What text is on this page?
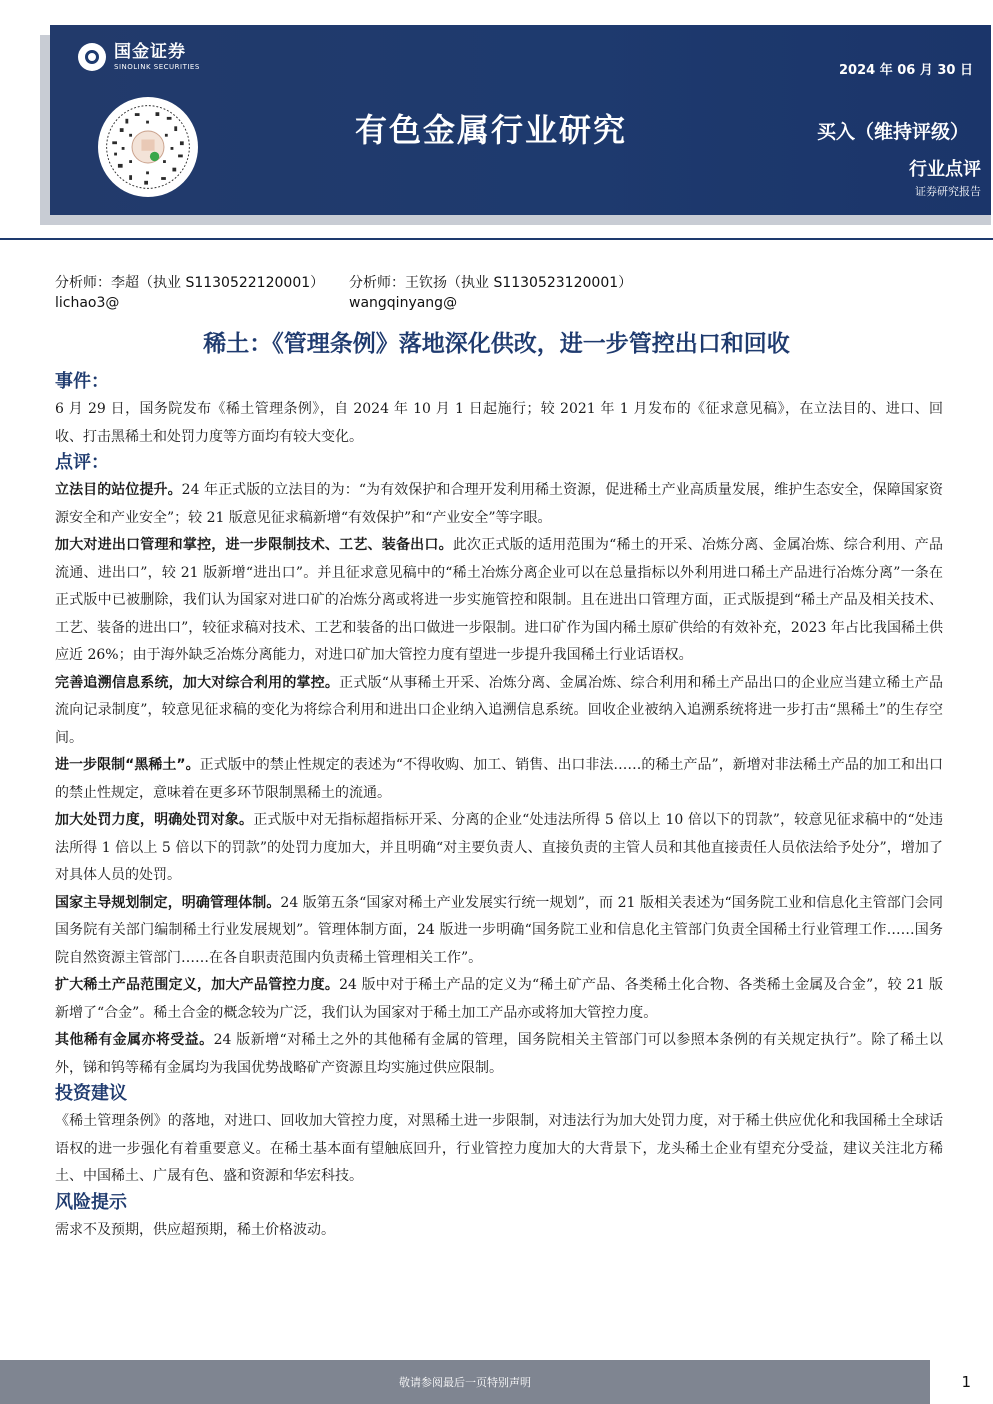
国金证券
SINOLINK SECURITIES	2024 年 06 月 30 日
有色金属行业研究	买入（维持评级）
行业点评
证券研究报告
分析师：李超（执业 S1130522120001）
lichao3@
分析师：王钦扬（执业 S1130523120001）
wangqinyang@
稀土：《管理条例》落地深化供改，进一步管控出口和回收
事件：

6 月 29 日，国务院发布《稀土管理条例》，自 2024 年 10 月 1 日起施行；较 2021 年 1 月发布的《征求意见稿》，在立法目的、进口、回收、打击黑稀土和处罚力度等方面均有较大变化。

点评：

立法目的站位提升。24 年正式版的立法目的为：“为有效保护和合理开发利用稀土资源，促进稀土产业高质量发展，维护生态安全，保障国家资源安全和产业安全”；较 21 版意见征求稿新增“有效保护”和“产业安全”等字眼。

加大对进出口管理和掌控，进一步限制技术、工艺、装备出口。此次正式版的适用范围为“稀土的开采、冶炼分离、金属冶炼、综合利用、产品流通、进出口”，较 21 版新增“进出口”。并且征求意见稿中的“稀土冶炼分离企业可以在总量指标以外利用进口稀土产品进行冶炼分离”一条在正式版中已被删除，我们认为国家对进口矿的冶炼分离或将进一步实施管控和限制。且在进出口管理方面，正式版提到“稀土产品及相关技术、工艺、装备的进出口”，较征求稿对技术、工艺和装备的出口做进一步限制。进口矿作为国内稀土原矿供给的有效补充，2023 年占比我国稀土供应近 26%；由于海外缺乏冶炼分离能力，对进口矿加大管控力度有望进一步提升我国稀土行业话语权。

完善追溯信息系统，加大对综合利用的掌控。正式版“从事稀土开采、冶炼分离、金属冶炼、综合利用和稀土产品出口的企业应当建立稀土产品流向记录制度”，较意见征求稿的变化为将综合利用和进出口企业纳入追溯信息系统。回收企业被纳入追溯系统将进一步打击“黑稀土”的生存空间。

进一步限制“黑稀土”。正式版中的禁止性规定的表述为“不得收购、加工、销售、出口非法……的稀土产品”，新增对非法稀土产品的加工和出口的禁止性规定，意味着在更多环节限制黑稀土的流通。

加大处罚力度，明确处罚对象。正式版中对无指标超指标开采、分离的企业“处违法所得 5 倍以上 10 倍以下的罚款”，较意见征求稿中的“处违法所得 1 倍以上 5 倍以下的罚款”的处罚力度加大，并且明确“对主要负责人、直接负责的主管人员和其他直接责任人员依法给予处分”，增加了对具体人员的处罚。

国家主导规划制定，明确管理体制。24 版第五条“国家对稀土产业发展实行统一规划”，而 21 版相关表述为“国务院工业和信息化主管部门会同国务院有关部门编制稀土行业发展规划”。管理体制方面，24 版进一步明确“国务院工业和信息化主管部门负责全国稀土行业管理工作……国务院自然资源主管部门……在各自职责范围内负责稀土管理相关工作”。

扩大稀土产品范围定义，加大产品管控力度。24 版中对于稀土产品的定义为“稀土矿产品、各类稀土化合物、各类稀土金属及合金”，较 21 版新增了“合金”。稀土合金的概念较为广泛，我们认为国家对于稀土加工产品亦或将加大管控力度。

其他稀有金属亦将受益。24 版新增“对稀土之外的其他稀有金属的管理，国务院相关主管部门可以参照本条例的有关规定执行”。除了稀土以外，锑和钨等稀有金属均为我国优势战略矿产资源且均实施过供应限制。

投资建议

《稀土管理条例》的落地，对进口、回收加大管控力度，对黑稀土进一步限制，对违法行为加大处罚力度，对于稀土供应优化和我国稀土全球话语权的进一步强化有着重要意义。在稀土基本面有望触底回升，行业管控力度加大的大背景下，龙头稀土企业有望充分受益，建议关注北方稀土、中国稀土、广晟有色、盛和资源和华宏科技。

风险提示

需求不及预期，供应超预期，稀土价格波动。

敬请参阅最后一页特别声明	1
